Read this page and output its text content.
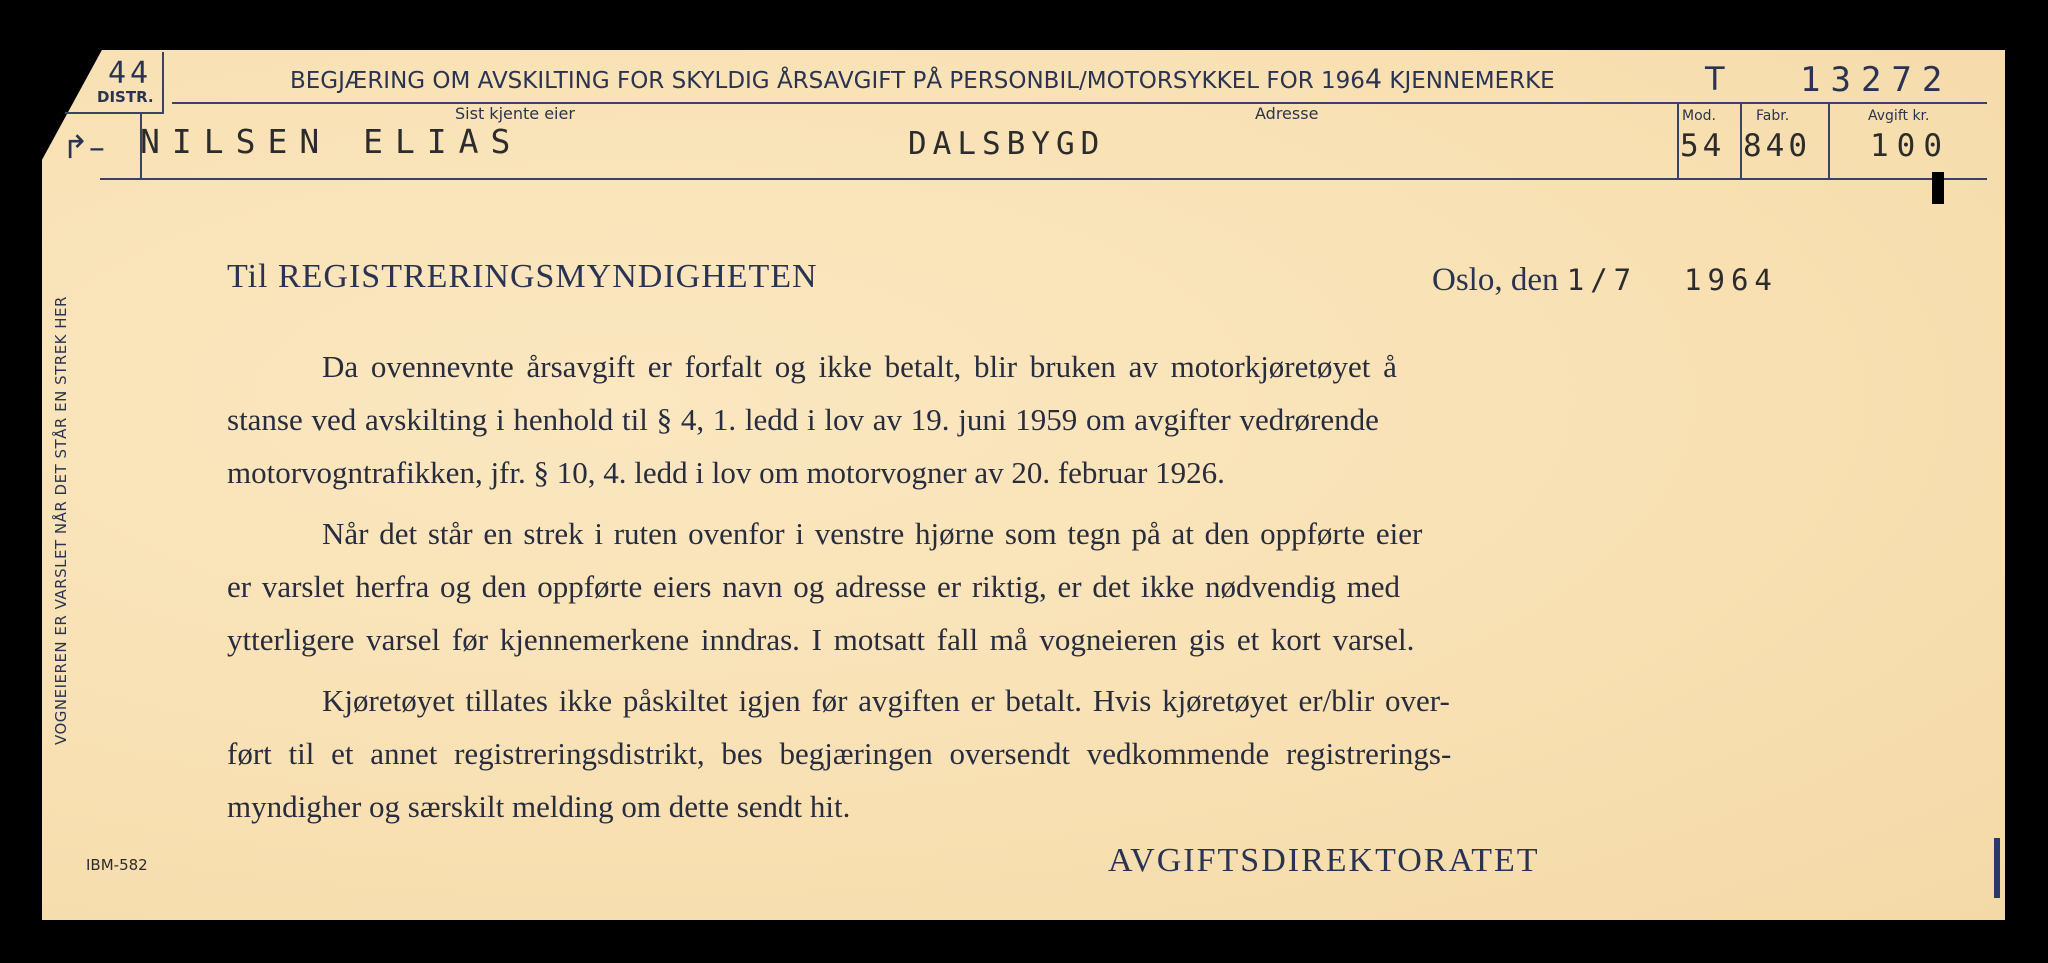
44
DISTR.
BEGJÆRING OM AVSKILTING FOR SKYLDIG ÅRSAVGIFT PÅ PERSONBIL/MOTORSYKKEL FOR 1964 KJENNEMERKE	T 13272
Sist kjente eier
↱– NILSEN ELIAS
Adresse
DALSBYGD
Mod.
54
Fabr.
840
Avgift kr.
100
VOGNEIEREN ER VARSLET NÅR DET STÅR EN STREK HER
Til REGISTRERINGSMYNDIGHETEN	Oslo, den 1/7  1964
Da ovennevnte årsavgift er forfalt og ikke betalt, blir bruken av motorkjøretøyet å
stanse ved avskilting i henhold til § 4, 1. ledd i lov av 19. juni 1959 om avgifter vedrørende
motorvogntrafikken, jfr. § 10, 4. ledd i lov om motorvogner av 20. februar 1926.
Når det står en strek i ruten ovenfor i venstre hjørne som tegn på at den oppførte eier
er varslet herfra og den oppførte eiers navn og adresse er riktig, er det ikke nødvendig med
ytterligere varsel før kjennemerkene inndras. I motsatt fall må vogneieren gis et kort varsel.
Kjøretøyet tillates ikke påskiltet igjen før avgiften er betalt. Hvis kjøretøyet er/blir over-
ført til et annet registreringsdistrikt, bes begjæringen oversendt vedkommende registrerings-
myndigher og særskilt melding om dette sendt hit.
AVGIFTSDIREKTORATET
IBM-582
